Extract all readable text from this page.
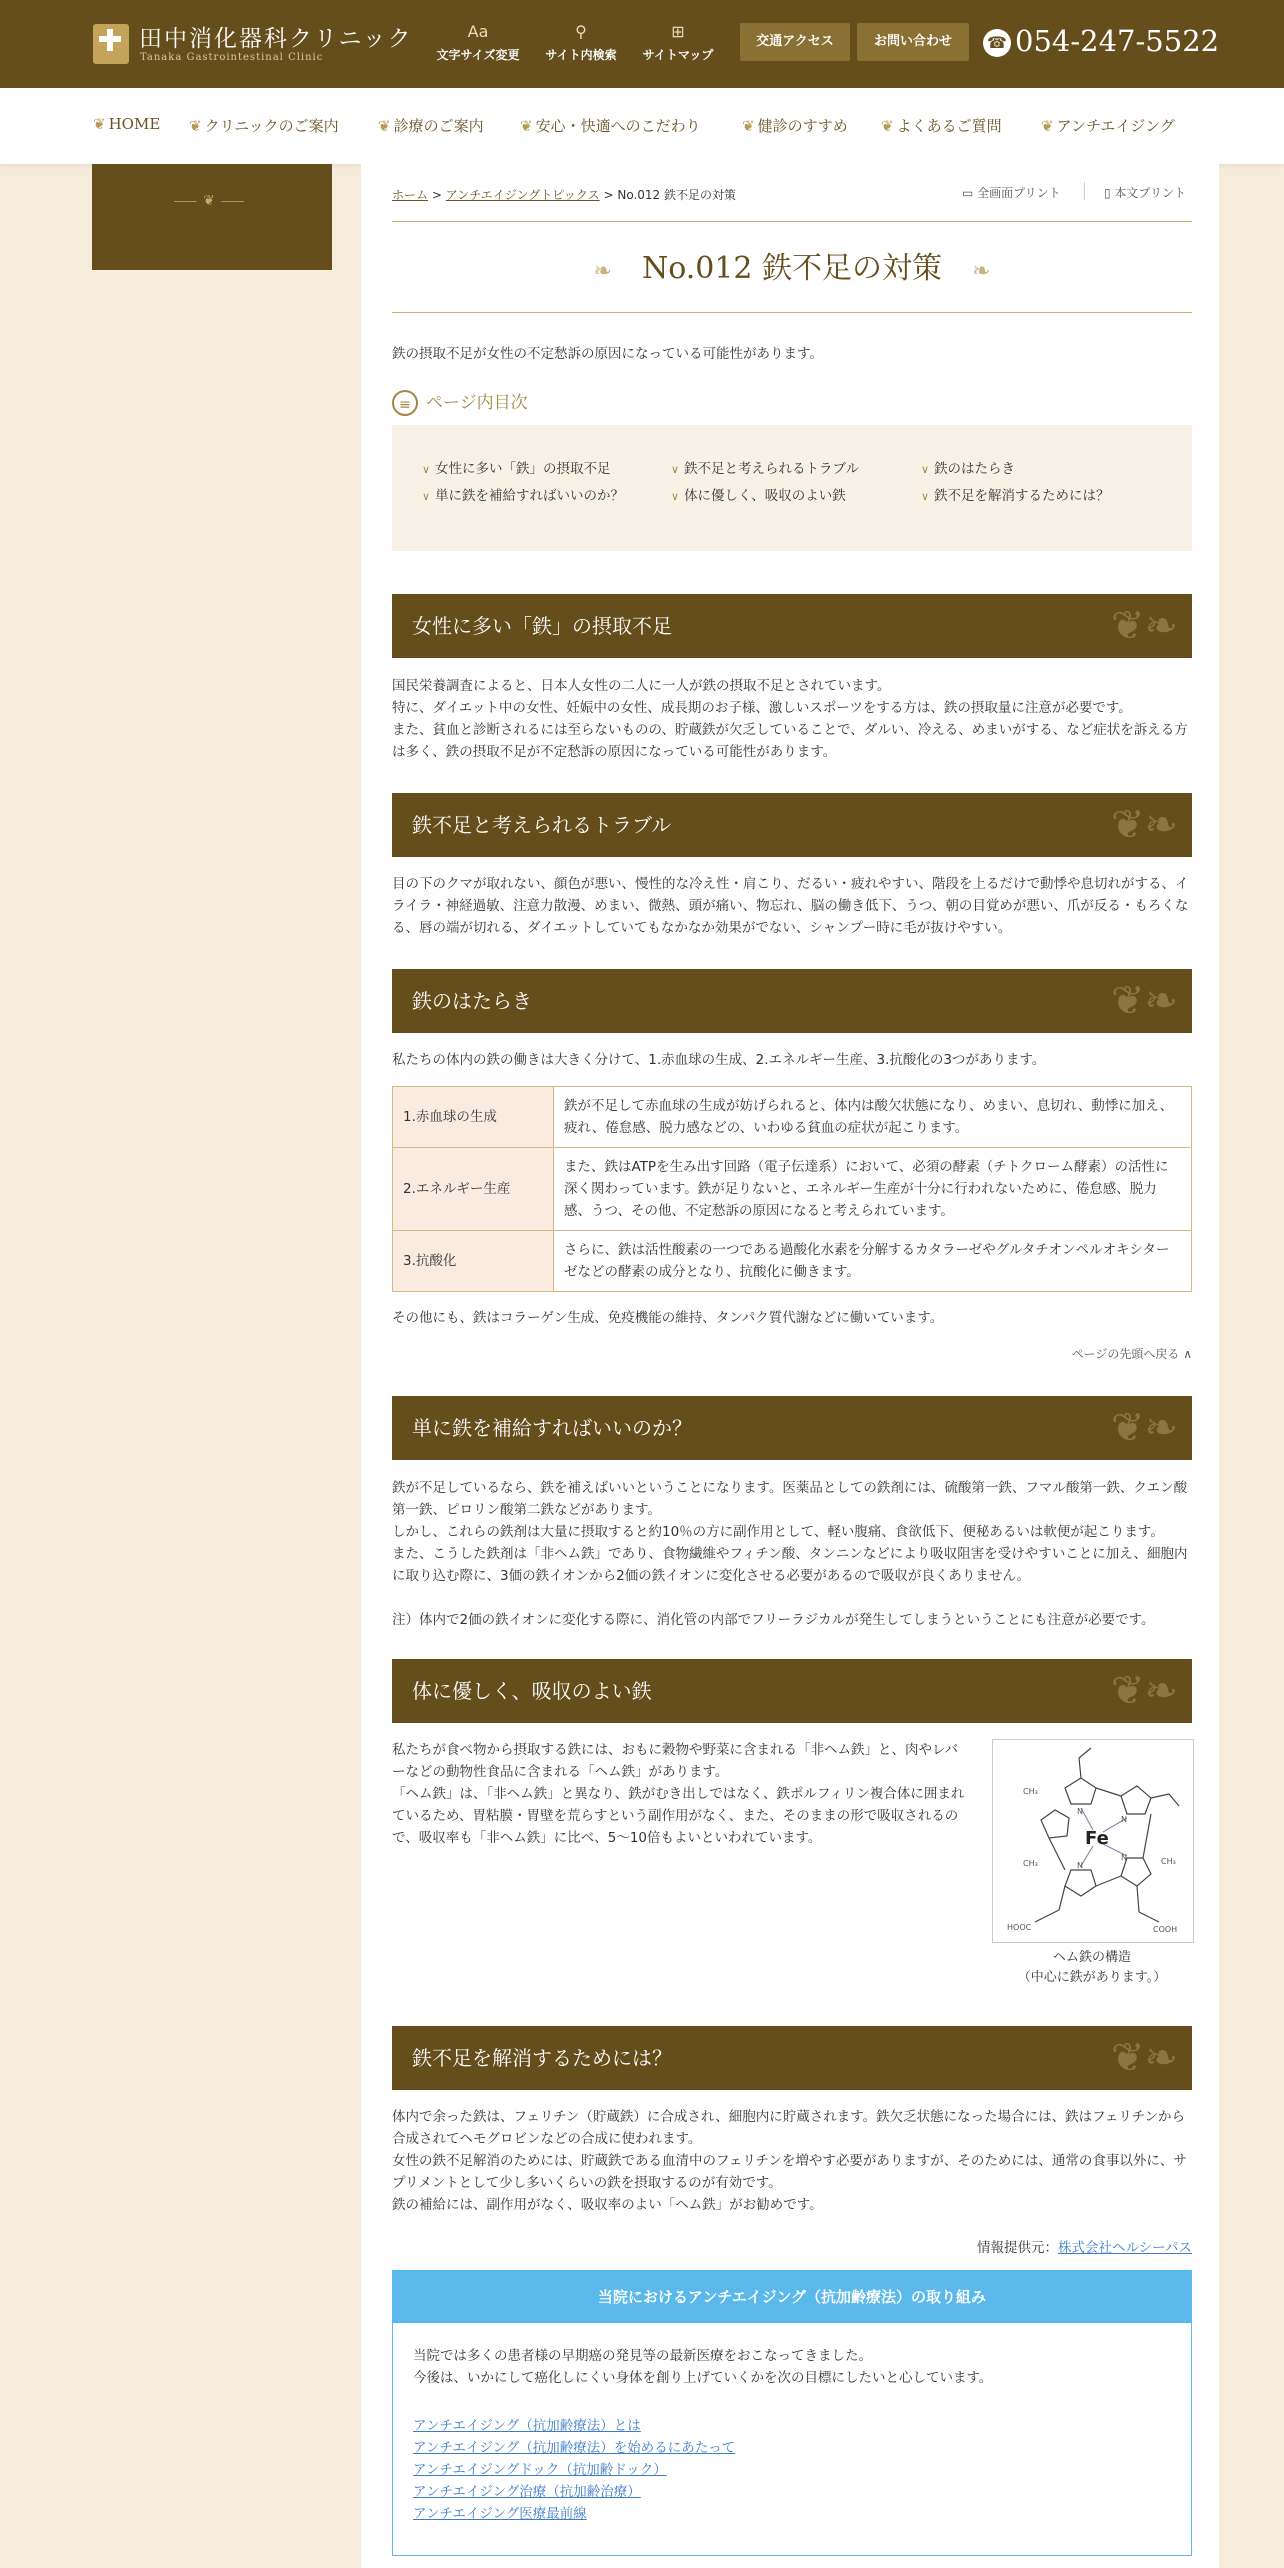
田中消化器科クリニック
Tanaka Gastrointestinal Clinic
Aa
文字サイズ変更
⚲
サイト内検索
⊞
サイトマップ
交通アクセス	お問い合わせ	☎ 054-247-5522
❦ HOME ❦ クリニックのご案内	❦ 診療のご案内 ❦ 安心・快適へのこだわり	❦ 健診のすすめ ❦ よくあるご質問	❦ アンチエイジング
⸺❦⸺	ホーム > アンチエイジングトピックス > No.012 鉄不足の対策	▭ 全画面プリント	▯ 本文プリント
❧ No.012 鉄不足の対策 ❧
鉄の摂取不足が女性の不定愁訴の原因になっている可能性があります。
≡ ページ内目次
∨ 女性に多い「鉄」の摂取不足	∨ 鉄不足と考えられるトラブル	∨ 鉄のはたらき
∨ 単に鉄を補給すればいいのか？	∨ 体に優しく、吸収のよい鉄	∨ 鉄不足を解消するためには？
女性に多い「鉄」の摂取不足	❦❧
国民栄養調査によると、日本人女性の二人に一人が鉄の摂取不足とされています。
特に、ダイエット中の女性、妊娠中の女性、成長期のお子様、激しいスポーツをする方は、鉄の摂取量に注意が必要です。
また、貧血と診断されるには至らないものの、貯蔵鉄が欠乏していることで、ダルい、冷える、めまいがする、など症状を訴える方は多く、鉄の摂取不足が不定愁訴の原因になっている可能性があります。
鉄不足と考えられるトラブル	❦❧
目の下のクマが取れない、顔色が悪い、慢性的な冷え性・肩こり、だるい・疲れやすい、階段を上るだけで動悸や息切れがする、イライラ・神経過敏、注意力散漫、めまい、微熱、頭が痛い、物忘れ、脳の働き低下、うつ、朝の目覚めが悪い、爪が反る・もろくなる、唇の端が切れる、ダイエットしていてもなかなか効果がでない、シャンプー時に毛が抜けやすい。
鉄のはたらき	❦❧
私たちの体内の鉄の働きは大きく分けて、1.赤血球の生成、2.エネルギー生産、3.抗酸化の3つがあります。
1.赤血球の生成	鉄が不足して赤血球の生成が妨げられると、体内は酸欠状態になり、めまい、息切れ、動悸に加え、疲れ、倦怠感、脱力感などの、いわゆる貧血の症状が起こります。
2.エネルギー生産	また、鉄はATPを生み出す回路（電子伝達系）において、必須の酵素（チトクローム酵素）の活性に深く関わっています。鉄が足りないと、エネルギー生産が十分に行われないために、倦怠感、脱力感、うつ、その他、不定愁訴の原因になると考えられています。
3.抗酸化	さらに、鉄は活性酸素の一つである過酸化水素を分解するカタラーゼやグルタチオンペルオキシターゼなどの酵素の成分となり、抗酸化に働きます。
その他にも、鉄はコラーゲン生成、免疫機能の維持、タンパク質代謝などに働いています。
ページの先頭へ戻る ∧
単に鉄を補給すればいいのか？	❦❧
鉄が不足しているなら、鉄を補えばいいということになります。医薬品としての鉄剤には、硫酸第一鉄、フマル酸第一鉄、クエン酸第一鉄、ピロリン酸第二鉄などがあります。
しかし、これらの鉄剤は大量に摂取すると約10％の方に副作用として、軽い腹痛、食欲低下、便秘あるいは軟便が起こります。
また、こうした鉄剤は「非ヘム鉄」であり、食物繊維やフィチン酸、タンニンなどにより吸収阻害を受けやすいことに加え、細胞内に取り込む際に、3価の鉄イオンから2価の鉄イオンに変化させる必要があるので吸収が良くありません。
注）体内で2価の鉄イオンに変化する際に、消化管の内部でフリーラジカルが発生してしまうということにも注意が必要です。
体に優しく、吸収のよい鉄	❦❧
私たちが食べ物から摂取する鉄には、おもに穀物や野菜に含まれる「非ヘム鉄」と、肉やレバーなどの動物性食品に含まれる「ヘム鉄」があります。
「ヘム鉄」は、「非ヘム鉄」と異なり、鉄がむき出しではなく、鉄ポルフィリン複合体に囲まれているため、胃粘膜・胃壁を荒らすという副作用がなく、また、そのままの形で吸収されるので、吸収率も「非ヘム鉄」に比べ、5～10倍もよいといわれています。	Fe
CH₃
CH₃	CH₃
HOOC	COOH
N
N
N
N
ヘム鉄の構造
（中心に鉄があります。）
鉄不足を解消するためには？	❦❧
体内で余った鉄は、フェリチン（貯蔵鉄）に合成され、細胞内に貯蔵されます。鉄欠乏状態になった場合には、鉄はフェリチンから合成されてヘモグロビンなどの合成に使われます。
女性の鉄不足解消のためには、貯蔵鉄である血清中のフェリチンを増やす必要がありますが、そのためには、通常の食事以外に、サプリメントとして少し多いくらいの鉄を摂取するのが有効です。
鉄の補給には、副作用がなく、吸収率のよい「ヘム鉄」がお勧めです。
情報提供元：株式会社ヘルシーパス
当院におけるアンチエイジング（抗加齢療法）の取り組み
当院では多くの患者様の早期癌の発見等の最新医療をおこなってきました。
今後は、いかにして癌化しにくい身体を創り上げていくかを次の目標にしたいと心しています。
アンチエイジング（抗加齢療法）とは
アンチエイジング（抗加齢療法）を始めるにあたって
アンチエイジングドック（抗加齢ドック）
アンチエイジング治療（抗加齢治療）
アンチエイジング医療最前線
